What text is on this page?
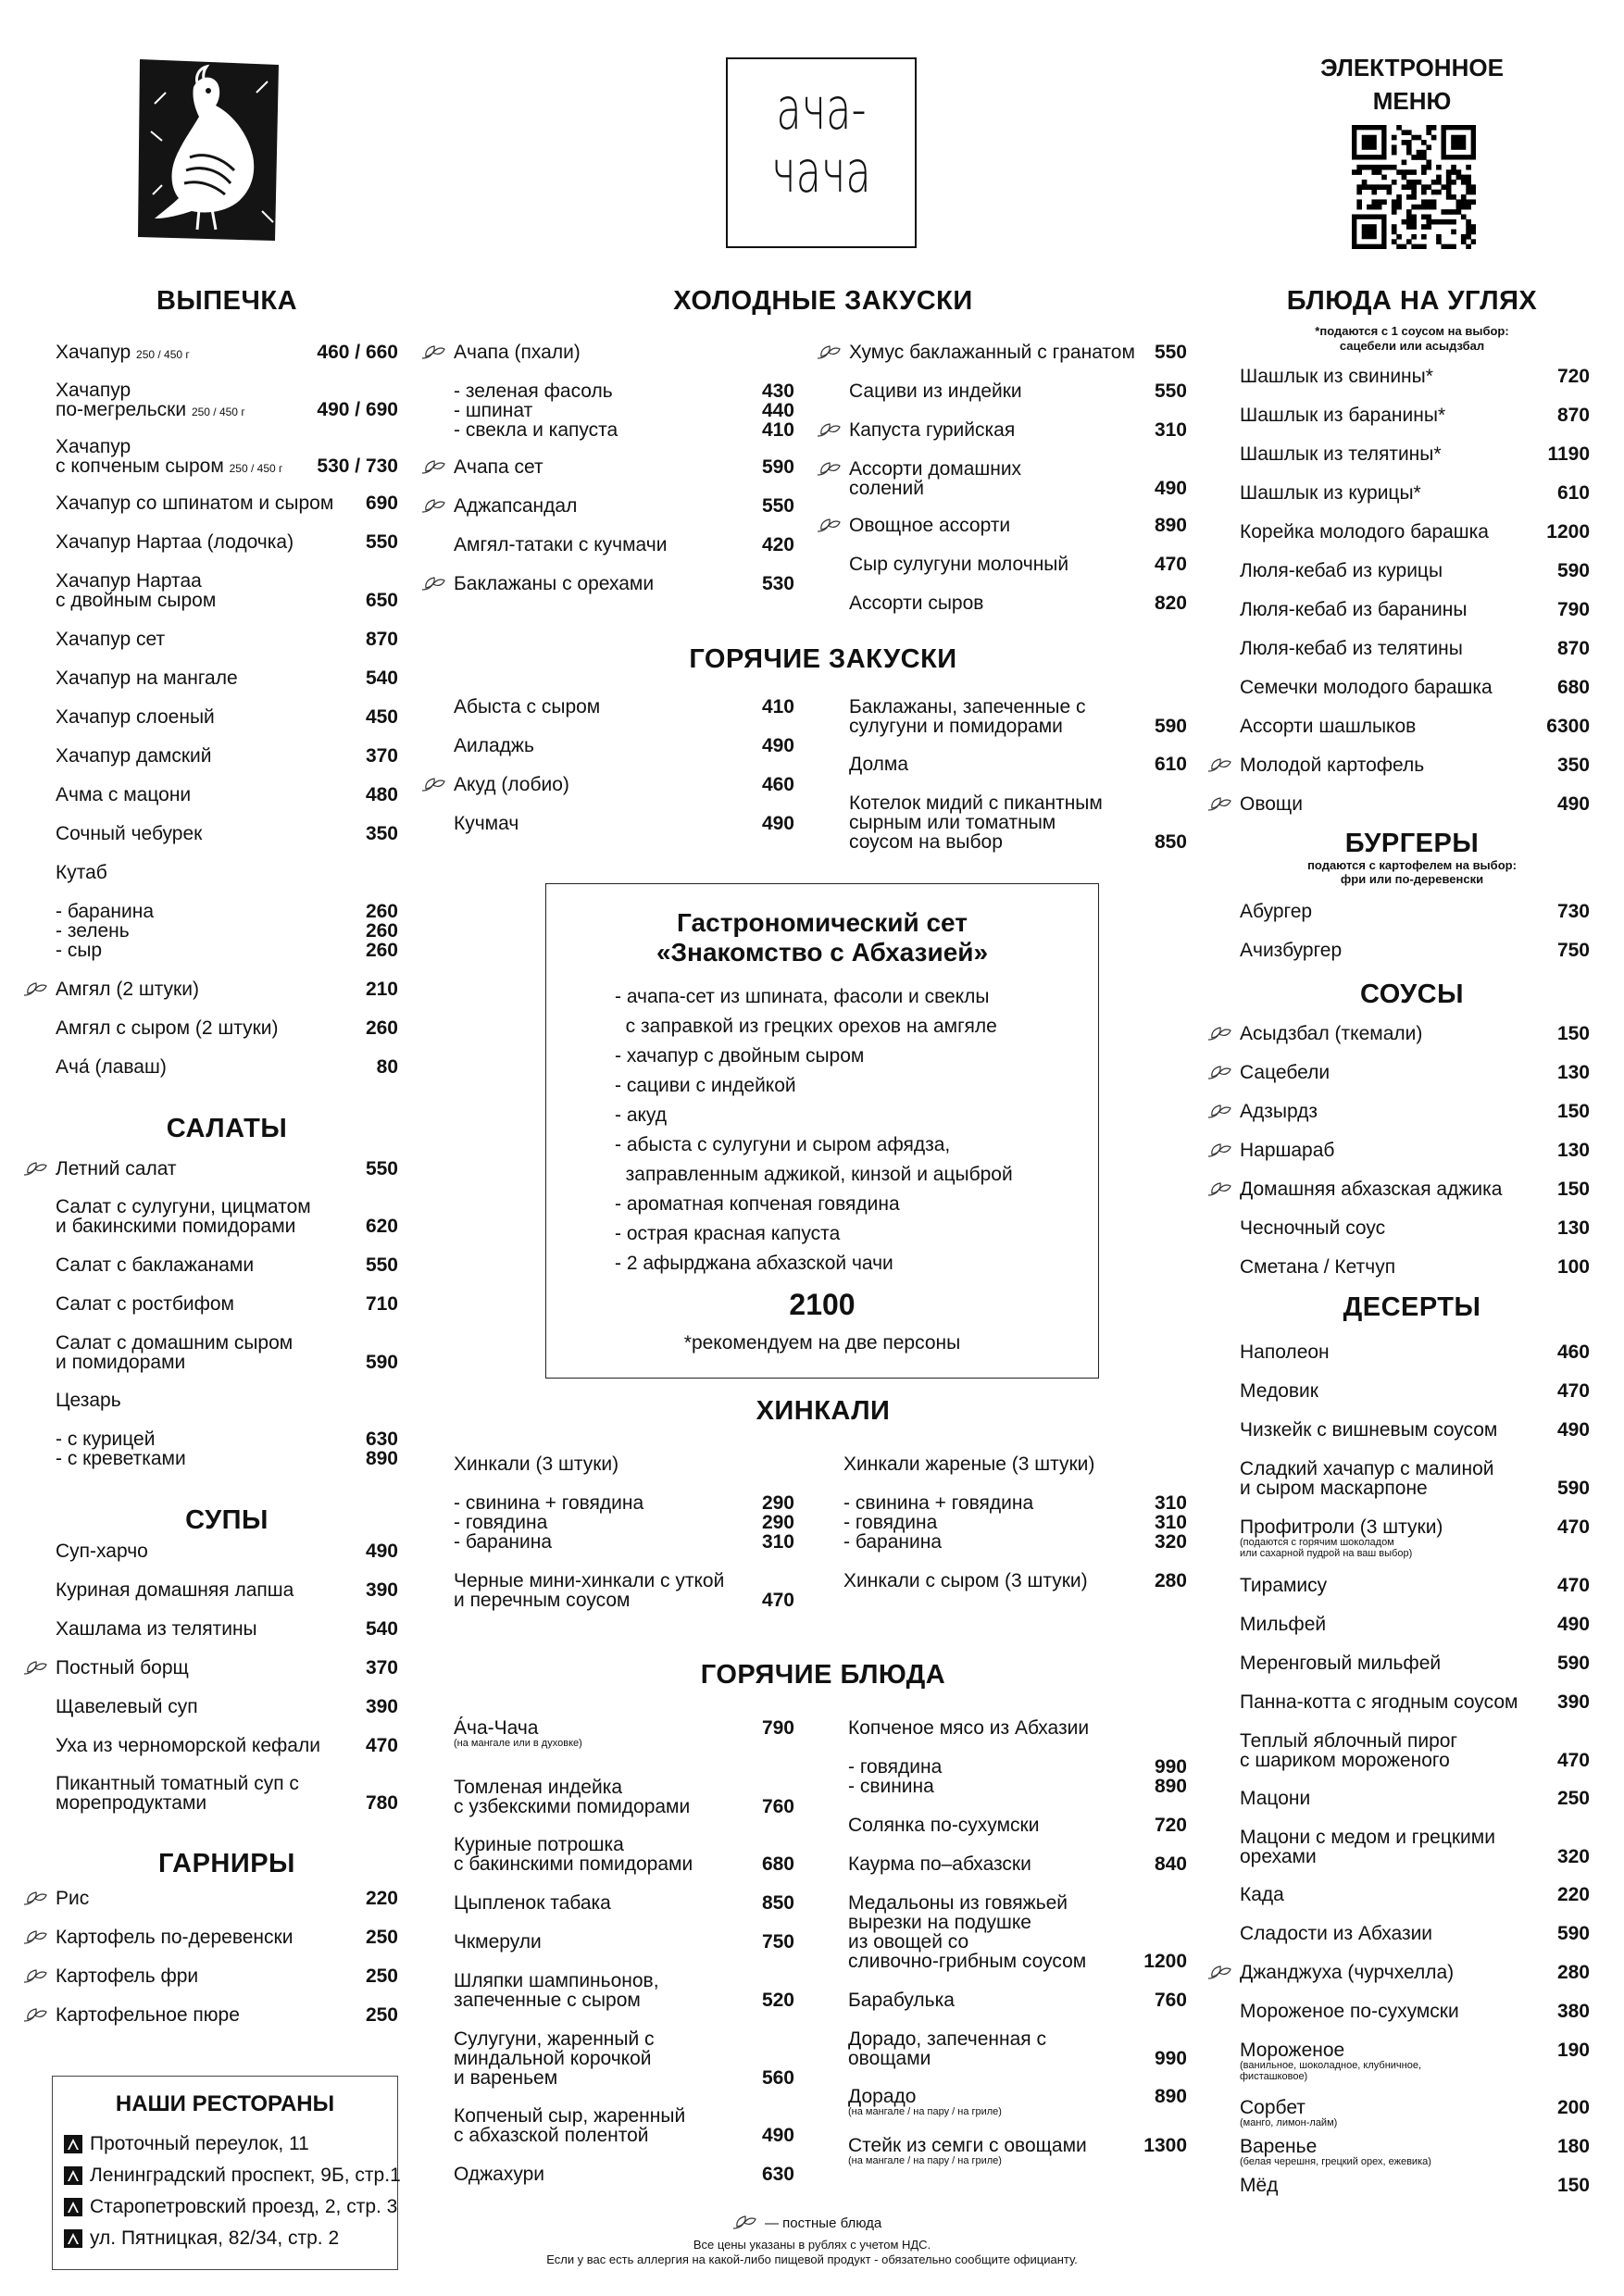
ача-
чача
ЭЛЕКТРОННОЕ
МЕНЮ
ВЫПЕЧКА
Хачапур 250 / 450 г	460 / 660
Хачапур
по-мегрельски 250 / 450 г	490 / 690
Хачапур
с копченым сыром 250 / 450 г 530 / 730
Хачапур со шпинатом и сыром 690
Хачапур Нартаа (лодочка)	550
Хачапур Нартаа
с двойным сыром	650
Хачапур сет	870
Хачапур на мангале	540
Хачапур слоеный	450
Хачапур дамский	370
Ачма с мацони	480
Сочный чебурек	350
Кутаб
- баранина	260
- зелень	260
- сыр	260
Амгял (2 штуки)	210
Амгял с сыром (2 штуки)	260
Ача́ (лаваш)	80
САЛАТЫ
Летний салат	550
Салат с сулугуни, цицматом
и бакинскими помидорами	620
Салат с баклажанами	550
Салат с ростбифом	710
Салат с домашним сыром
и помидорами	590
Цезарь
- с курицей	630
- с креветками	890
СУПЫ
Суп-харчо	490
Куриная домашняя лапша	390
Хашлама из телятины	540
Постный борщ	370
Щавелевый суп	390
Уха из черноморской кефали 470
Пикантный томатный суп с
морепродуктами	780
ГАРНИРЫ
Рис	220
Картофель по-деревенски	250
Картофель фри	250
Картофельное пюре	250
НАШИ РЕСТОРАНЫ
Проточный переулок, 11
Ленинградский проспект, 9Б, стр.1
Старопетровский проезд, 2, стр. 3
ул. Пятницкая, 82/34, стр. 2
ХОЛОДНЫЕ ЗАКУСКИ
Ачапа (пхали)
- зеленая фасоль	430
- шпинат	440
- свекла и капуста	410
Ачапа сет	590
Аджапсандал	550
Амгял-татаки с кучмачи	420
Баклажаны с орехами	530
Хумус баклажанный с гранатом 550
Сациви из индейки	550
Капуста гурийская	310
Ассорти домашних
солений	490
Овощное ассорти	890
Сыр сулугуни молочный	470
Ассорти сыров	820
ГОРЯЧИЕ ЗАКУСКИ
Абыста с сыром	410
Аиладжь	490
Акуд (лобио)	460
Кучмач	490
Баклажаны, запеченные с
сулугуни и помидорами	590
Долма	610
Котелок мидий с пикантным
сырным или томатным
соусом на выбор	850
Гастрономический сет
«Знакомство с Абхазией»
- ачапа-сет из шпината, фасоли и свеклы
с заправкой из грецких орехов на амгяле
- хачапур с двойным сыром
- сациви с индейкой
- акуд
- абыста с сулугуни и сыром афядза,
заправленным аджикой, кинзой и ацыброй
- ароматная копченая говядина
- острая красная капуста
- 2 афырджана абхазской чачи
2100
*рекомендуем на две персоны
ХИНКАЛИ
Хинкали (3 штуки)
- свинина + говядина	290
- говядина	290
- баранина	310
Черные мини-хинкали с уткой
и перечным соусом	470
Хинкали жареные (3 штуки)
- свинина + говядина	310
- говядина	310
- баранина	320
Хинкали с сыром (3 штуки)	280
ГОРЯЧИЕ БЛЮДА
А́ча-Чача
(на мангале или в духовке)
790
Томленая индейка
с узбекскими помидорами	760
Куриные потрошка
с бакинскими помидорами	680
Цыпленок табака	850
Чкмерули	750
Шляпки шампиньонов,
запеченные с сыром	520
Сулугуни, жаренный с
миндальной корочкой
и вареньем	560
Копченый сыр, жаренный
с абхазской полентой	490
Оджахури	630
Копченое мясо из Абхазии
- говядина	990
- свинина	890
Солянка по-сухумски	720
Каурма по–абхазски	840
Медальоны из говяжьей
вырезки на подушке
из овощей со
сливочно-грибным соусом	1200
Барабулька	760
Дорадо, запеченная с
овощами	990
Дорадо
(на мангале / на пару / на гриле)
890
Стейк из семги с овощами
(на мангале / на пару / на гриле)
1300
БЛЮДА НА УГЛЯХ
*подаются с 1 соусом на выбор:
сацебели или асыдзбал
Шашлык из свинины*	720
Шашлык из баранины*	870
Шашлык из телятины*	1190
Шашлык из курицы*	610
Корейка молодого барашка	1200
Люля-кебаб из курицы	590
Люля-кебаб из баранины	790
Люля-кебаб из телятины	870
Семечки молодого барашка	680
Ассорти шашлыков	6300
Молодой картофель	350
Овощи	490
БУРГЕРЫ
подаются с картофелем на выбор:
фри или по-деревенски
Абургер	730
Ачизбургер	750
СОУСЫ
Асыдзбал (ткемали)	150
Сацебели	130
Адзырдз	150
Наршараб	130
Домашняя абхазская аджика	150
Чесночный соус	130
Сметана / Кетчуп	100
ДЕСЕРТЫ
Наполеон	460
Медовик	470
Чизкейк с вишневым соусом	490
Сладкий хачапур с малиной
и сыром маскарпоне	590
Профитроли (3 штуки)
(подаются с горячим шоколадом
или сахарной пудрой на ваш выбор)
470
Тирамису	470
Мильфей	490
Меренговый мильфей	590
Панна-котта с ягодным соусом 390
Теплый яблочный пирог
с шариком мороженого	470
Мацони	250
Мацони с медом и грецкими
орехами	320
Када	220
Сладости из Абхазии	590
Джанджуха (чурчхелла)	280
Мороженое по-сухумски	380
Мороженое
(ванильное, шоколадное, клубничное,
фисташковое)
190
Сорбет
(манго, лимон-лайм)
200
Варенье
(белая черешня, грецкий орех, ежевика)
180
Мёд	150
— постные блюда
Все цены указаны в рублях с учетом НДС.
Если у вас есть аллергия на какой-либо пищевой продукт - обязательно сообщите официанту.
